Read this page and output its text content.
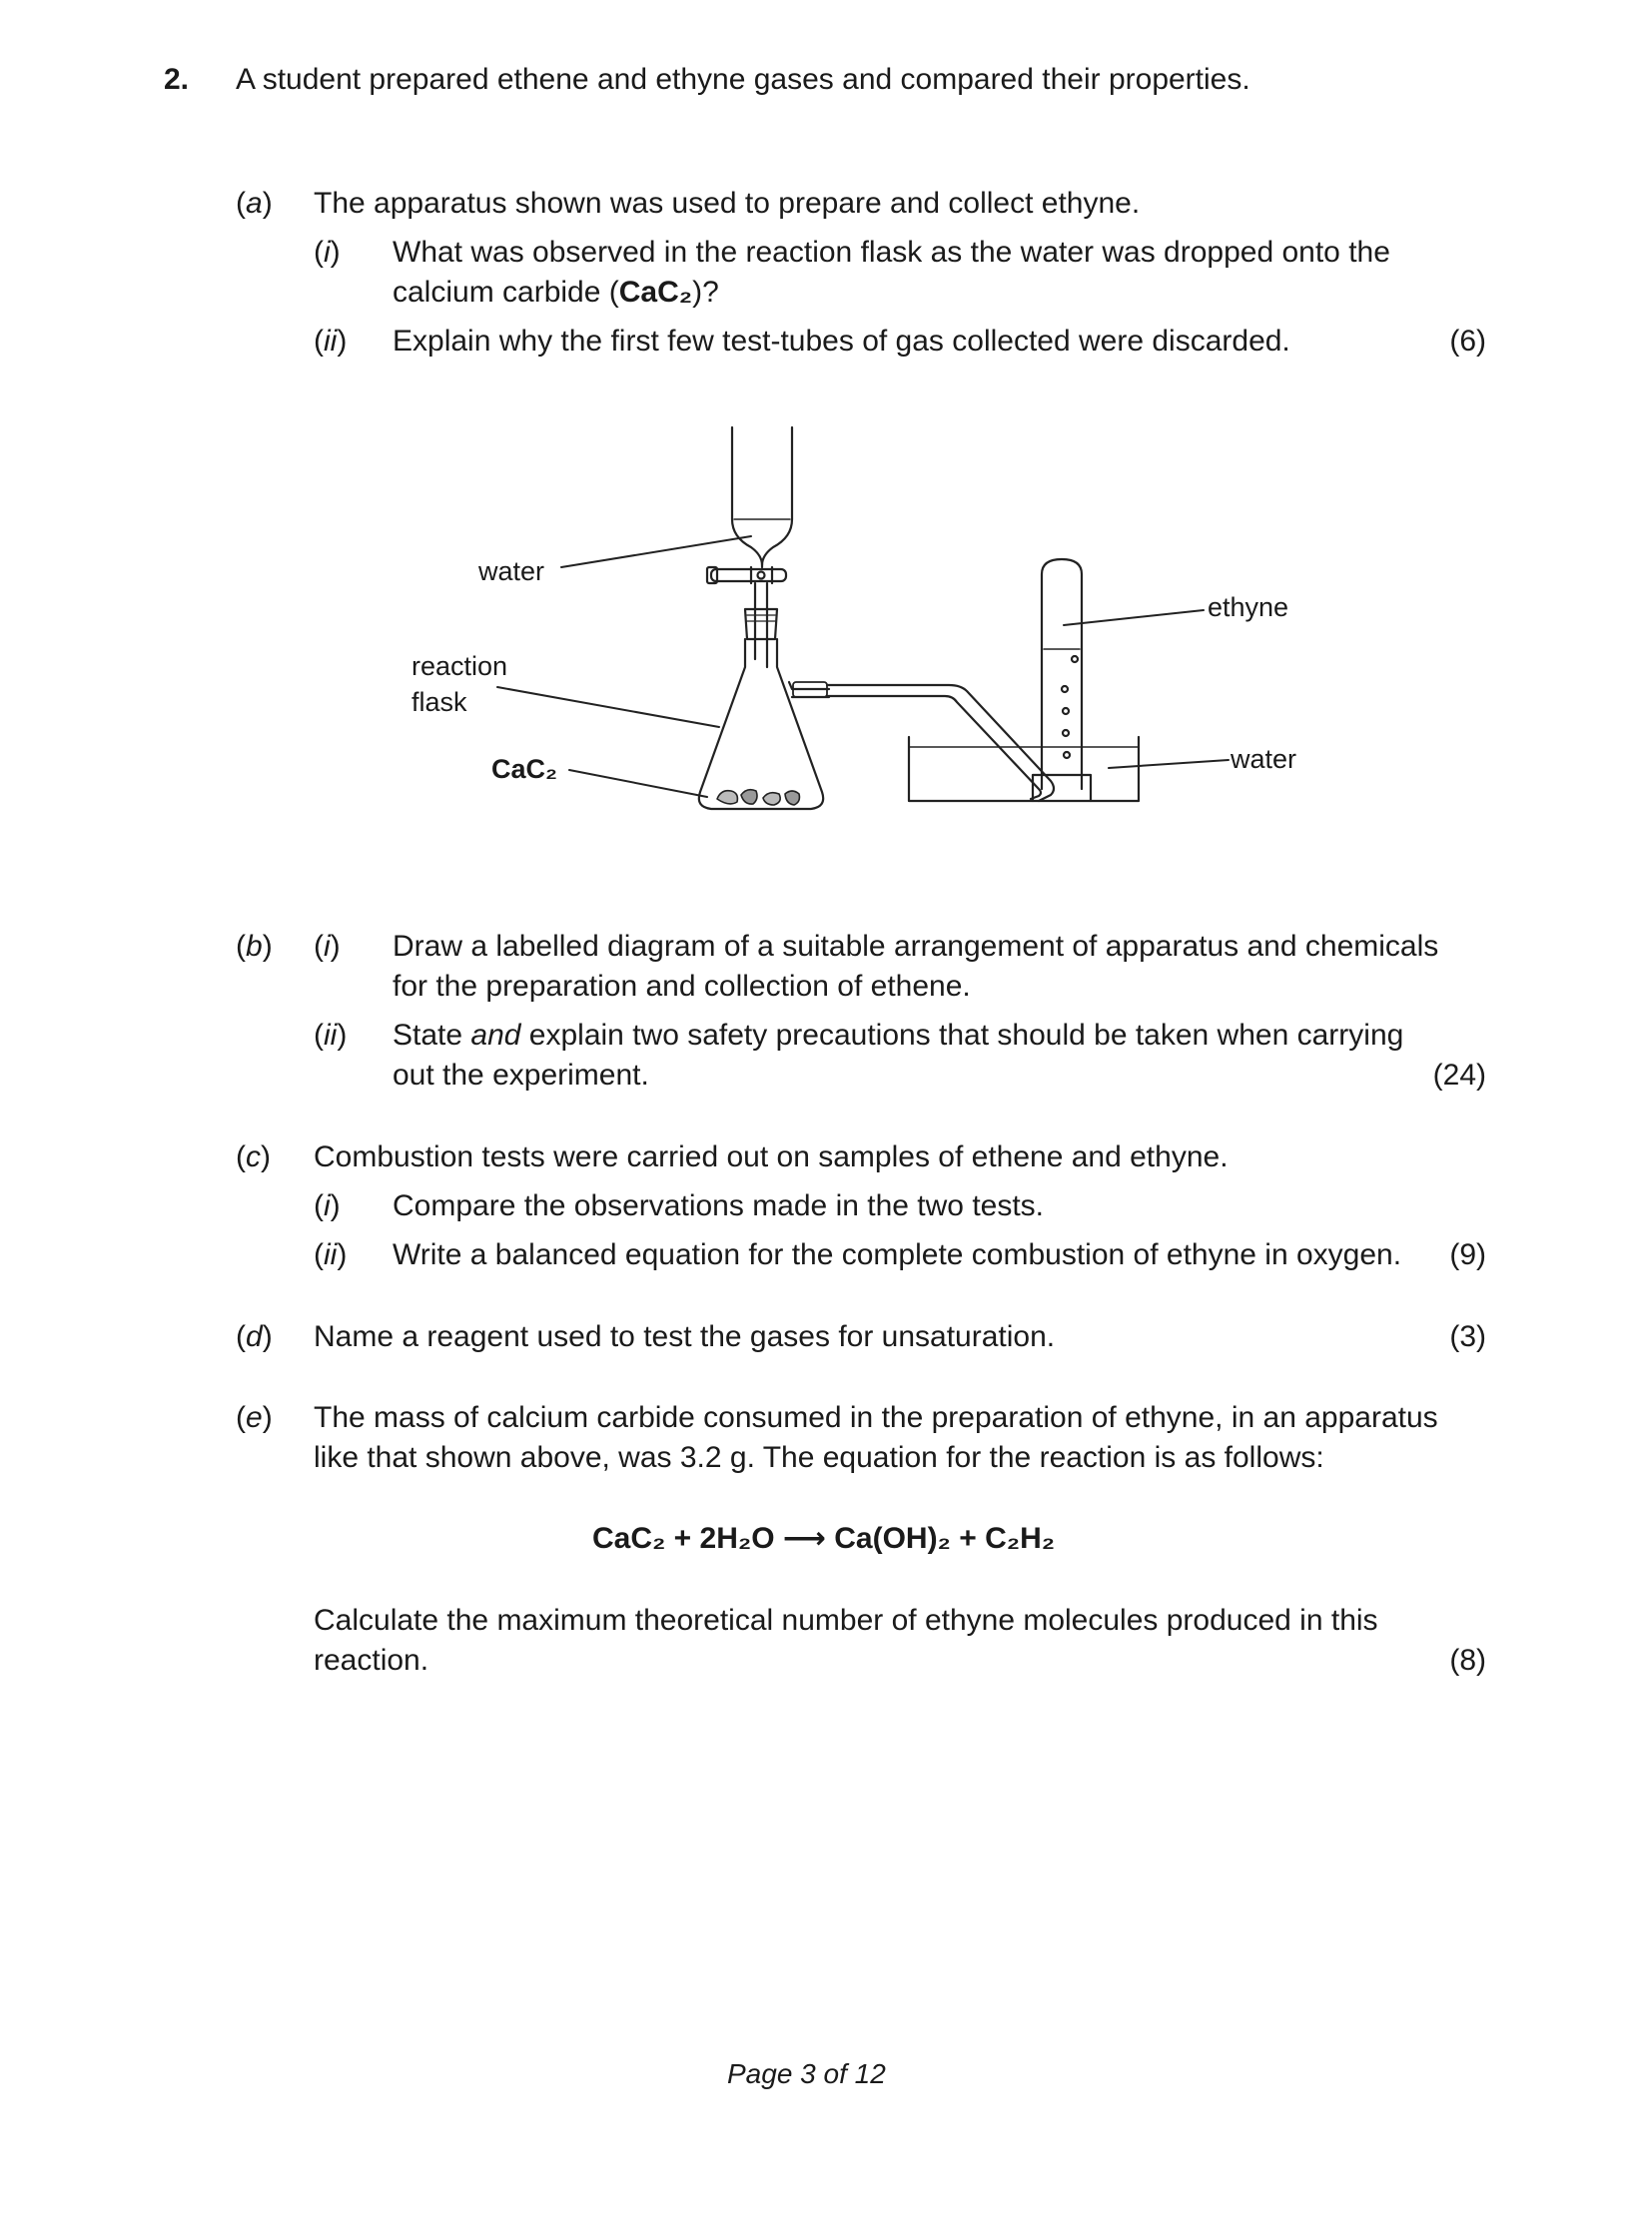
2. A student prepared ethene and ethyne gases and compared their properties.
(a) The apparatus shown was used to prepare and collect ethyne.
(i) What was observed in the reaction flask as the water was dropped onto the
calcium carbide (CaC₂)?
(ii) Explain why the first few test-tubes of gas collected were discarded.	(6)
water
reaction
flask
CaC₂
ethyne
water
(b) (i) Draw a labelled diagram of a suitable arrangement of apparatus and chemicals
for the preparation and collection of ethene.
(ii) State and explain two safety precautions that should be taken when carrying
out the experiment.	(24)
(c) Combustion tests were carried out on samples of ethene and ethyne.
(i) Compare the observations made in the two tests.
(ii) Write a balanced equation for the complete combustion of ethyne in oxygen. (9)
(d) Name a reagent used to test the gases for unsaturation.	(3)
(e) The mass of calcium carbide consumed in the preparation of ethyne, in an apparatus
like that shown above, was 3.2 g. The equation for the reaction is as follows:
CaC₂ + 2H₂O ⟶ Ca(OH)₂ + C₂H₂
Calculate the maximum theoretical number of ethyne molecules produced in this
reaction.	(8)
Page 3 of 12
